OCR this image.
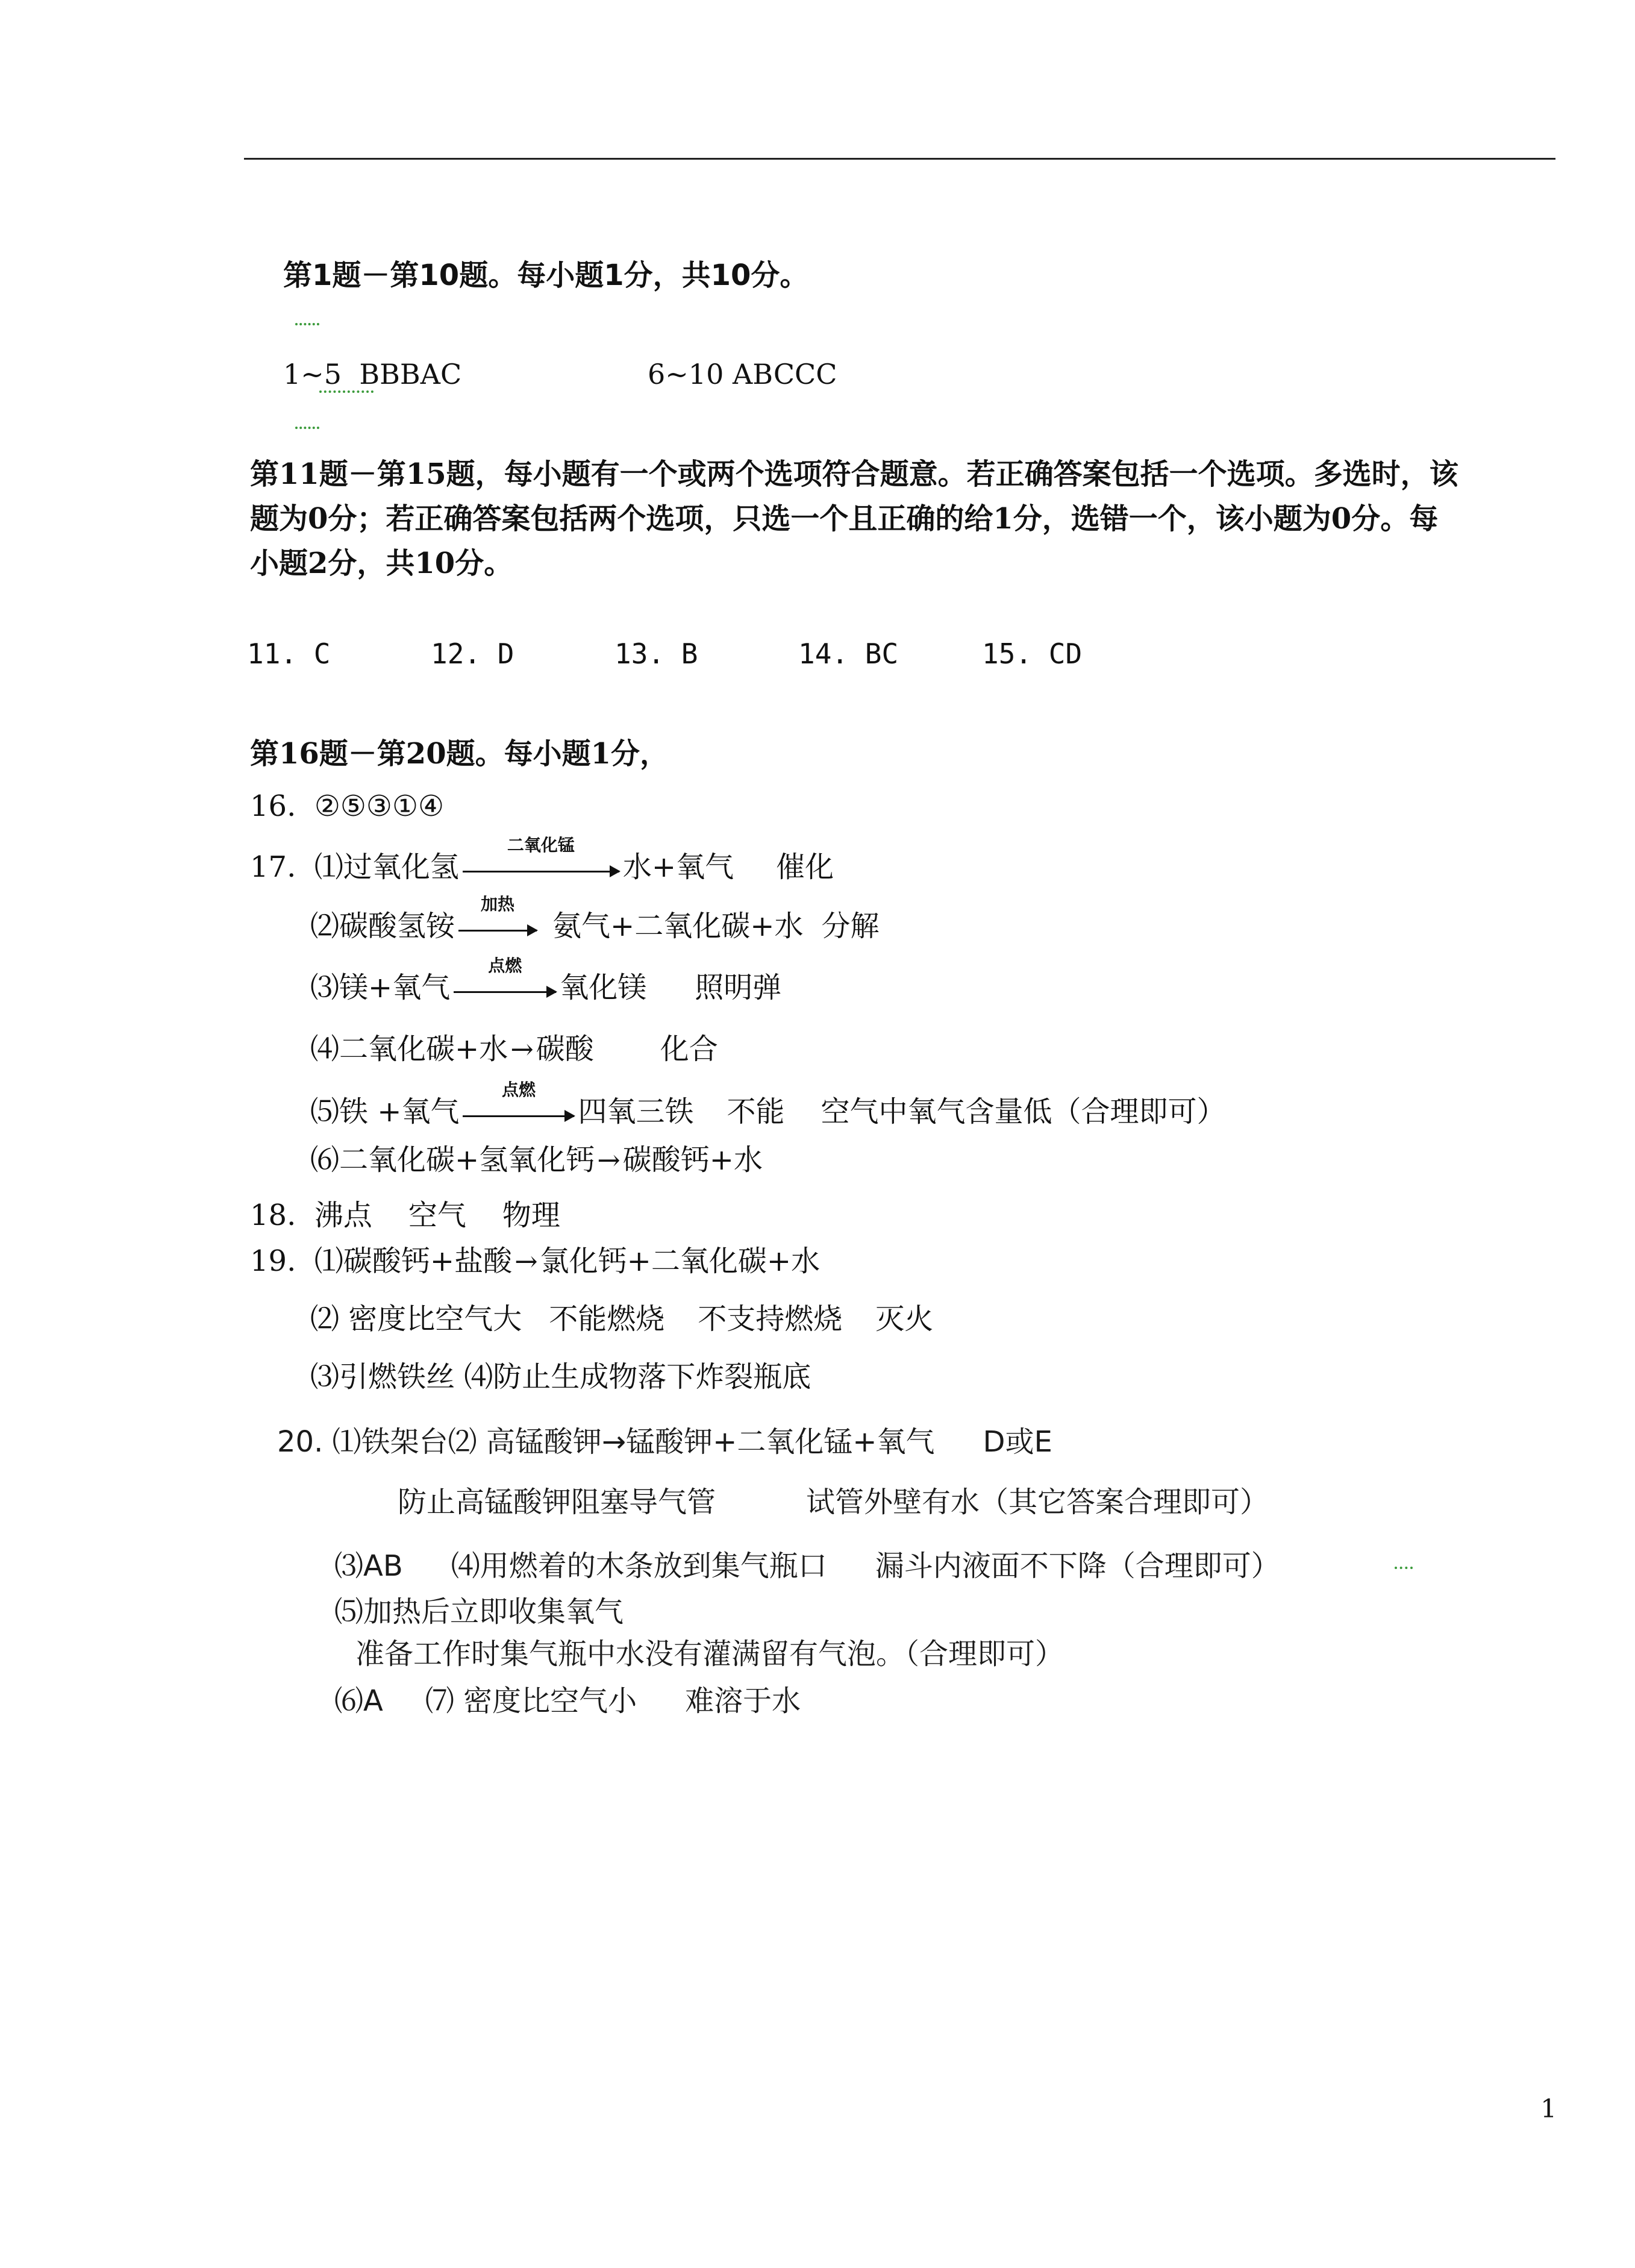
第1题－第10题。每小题1分，共10分。
1~5 BBBAC	6~10 ABCCC
第11题－第15题，每小题有一个或两个选项符合题意。若正确答案包括一个选项。多选时，该
题为0分；若正确答案包括两个选项，只选一个且正确的给1分，选错一个，该小题为0分。每
小题2分，共10分。
11. C	12. D	13. B	14. BC	15. CD
第16题－第20题。每小题1分，
16. ②⑤③①④
17. ⑴过氧化氢
二氧化锰
水+氧气 催化
⑵碳酸氢铵
加热
氨气+二氧化碳+水 分解
⑶镁+氧气
点燃
氧化镁 照明弹
⑷二氧化碳+水→碳酸 化合
⑸铁 +氧气
点燃
四氧三铁 不能 空气中氧气含量低（合理即可）
⑹二氧化碳+氢氧化钙→碳酸钙+水
18. 沸点 空气 物理
19. ⑴碳酸钙+盐酸→氯化钙+二氧化碳+水
⑵ 密度比空气大 不能燃烧 不支持燃烧 灭火
⑶引燃铁丝 ⑷防止生成物落下炸裂瓶底
20. ⑴铁架台⑵ 高锰酸钾→锰酸钾+二氧化锰+氧气 D或E
防止高锰酸钾阻塞导气管	试管外壁有水（其它答案合理即可）
⑶AB ⑷用燃着的木条放到集气瓶口 漏斗内液面不下降（合理即可）
⑸加热后立即收集氧气
准备工作时集气瓶中水没有灌满留有气泡。（合理即可）
⑹A ⑺ 密度比空气小 难溶于水
1
